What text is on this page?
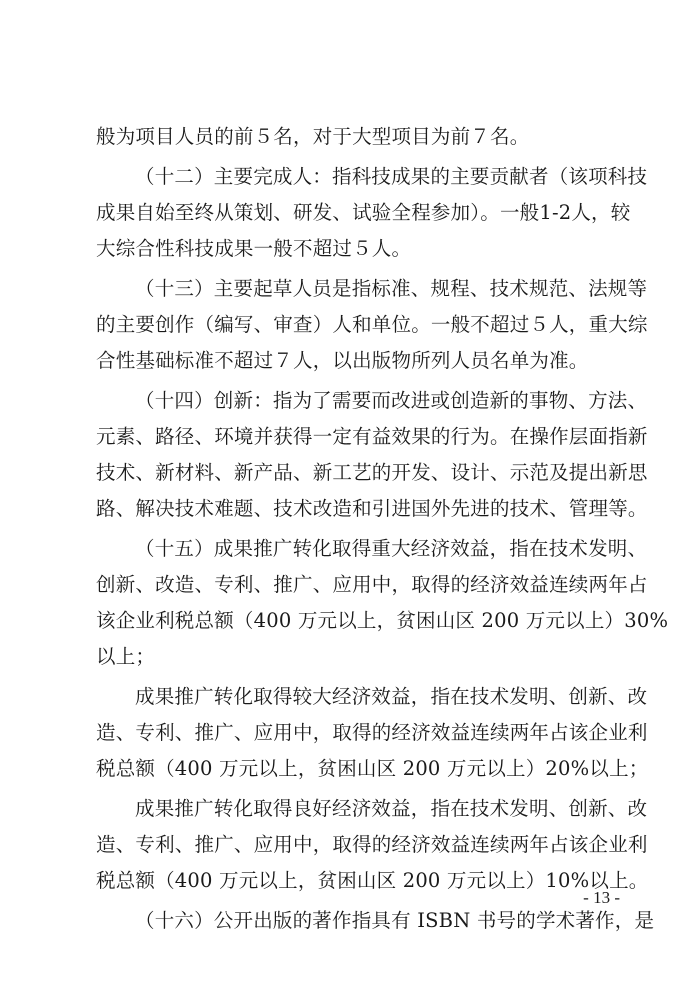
般为项目人员的前５名，对于大型项目为前７名。
（十二）主要完成人：指科技成果的主要贡献者（该项科技
成果自始至终从策划、研发、试验全程参加）。一般1-2人，较
大综合性科技成果一般不超过５人。
（十三）主要起草人员是指标准、规程、技术规范、法规等
的主要创作（编写、审查）人和单位。一般不超过５人，重大综
合性基础标准不超过７人，以出版物所列人员名单为准。
（十四）创新：指为了需要而改进或创造新的事物、方法、
元素、路径、环境并获得一定有益效果的行为。在操作层面指新
技术、新材料、新产品、新工艺的开发、设计、示范及提出新思
路、解决技术难题、技术改造和引进国外先进的技术、管理等。
（十五）成果推广转化取得重大经济效益，指在技术发明、
创新、改造、专利、推广、应用中，取得的经济效益连续两年占
该企业利税总额（400 万元以上，贫困山区 200 万元以上）30%
以上；
成果推广转化取得较大经济效益，指在技术发明、创新、改
造、专利、推广、应用中，取得的经济效益连续两年占该企业利
税总额（400 万元以上，贫困山区 200 万元以上）20%以上；
成果推广转化取得良好经济效益，指在技术发明、创新、改
造、专利、推广、应用中，取得的经济效益连续两年占该企业利
税总额（400 万元以上，贫困山区 200 万元以上）10%以上。
（十六）公开出版的著作指具有 ISBN 书号的学术著作，是
- 13 -
